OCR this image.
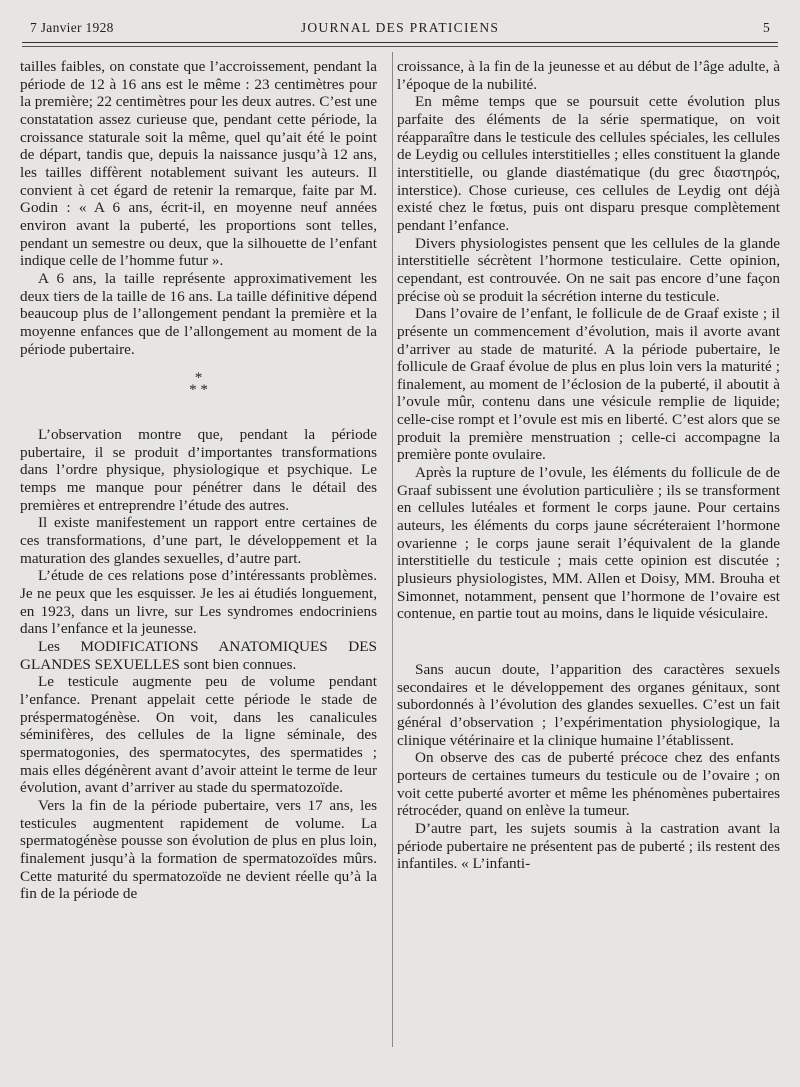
7 Janvier 1928	JOURNAL DES PRATICIENS	5

tailles faibles, on constate que l’accroissement, pendant la période de 12 à 16 ans est le même : 23 centimètres pour la première; 22 centimètres pour les deux autres. C’est une constatation assez curieuse que, pendant cette période, la croissance staturale soit la même, quel qu’ait été le point de départ, tandis que, depuis la naissance jusqu’à 12 ans, les tailles diffèrent notablement suivant les auteurs. Il convient à cet égard de retenir la remarque, faite par M. Godin : « A 6 ans, écrit-il, en moyenne neuf années environ avant la puberté, les proportions sont telles, pendant un semestre ou deux, que la silhouette de l’enfant indique celle de l’homme futur ».

A 6 ans, la taille représente approximativement les deux tiers de la taille de 16 ans. La taille définitive dépend beaucoup plus de l’allongement pendant la première et la moyenne enfances que de l’allongement au moment de la période pubertaire.

*
* *

L’observation montre que, pendant la période pubertaire, il se produit d’importantes transformations dans l’ordre physique, physiologique et psychique. Le temps me manque pour pénétrer dans le détail des premières et entreprendre l’étude des autres.

Il existe manifestement un rapport entre certaines de ces transformations, d’une part, le développement et la maturation des glandes sexuelles, d’autre part.

L’étude de ces relations pose d’intéressants problèmes. Je ne peux que les esquisser. Je les ai étudiés longuement, en 1923, dans un livre, sur Les syndromes endocriniens dans l’enfance et la jeunesse.

Les MODIFICATIONS ANATOMIQUES DES GLANDES SEXUELLES sont bien connues.

Le testicule augmente peu de volume pendant l’enfance. Prenant appelait cette période le stade de préspermatogénèse. On voit, dans les canalicules séminifères, des cellules de la ligne séminale, des spermatogonies, des spermatocytes, des spermatides ; mais elles dégénèrent avant d’avoir atteint le terme de leur évolution, avant d’arriver au stade du spermatozoïde.

Vers la fin de la période pubertaire, vers 17 ans, les testicules augmentent rapidement de volume. La spermatogénèse pousse son évolution de plus en plus loin, finalement jusqu’à la formation de spermatozoïdes mûrs. Cette maturité du spermatozoïde ne devient réelle qu’à la fin de la période de

croissance, à la fin de la jeunesse et au début de l’âge adulte, à l’époque de la nubilité.

En même temps que se poursuit cette évolution plus parfaite des éléments de la série spermatique, on voit réapparaître dans le testicule des cellules spéciales, les cellules de Leydig ou cellules interstitielles ; elles constituent la glande interstitielle, ou glande diastématique (du grec διαστηρός, interstice). Chose curieuse, ces cellules de Leydig ont déjà existé chez le fœtus, puis ont disparu presque complètement pendant l’enfance.

Divers physiologistes pensent que les cellules de la glande interstitielle sécrètent l’hormone testiculaire. Cette opinion, cependant, est controuvée. On ne sait pas encore d’une façon précise où se produit la sécrétion interne du testicule.

Dans l’ovaire de l’enfant, le follicule de de Graaf existe ; il présente un commencement d’évolution, mais il avorte avant d’arriver au stade de maturité. A la période pubertaire, le follicule de Graaf évolue de plus en plus loin vers la maturité ; finalement, au moment de l’éclosion de la puberté, il aboutit à l’ovule mûr, contenu dans une vésicule remplie de liquide; celle-cise rompt et l’ovule est mis en liberté. C’est alors que se produit la première menstruation ; celle-ci accompagne la première ponte ovulaire.

Après la rupture de l’ovule, les éléments du follicule de de Graaf subissent une évolution particulière ; ils se transforment en cellules lutéales et forment le corps jaune. Pour certains auteurs, les éléments du corps jaune sécréteraient l’hormone ovarienne ; le corps jaune serait l’équivalent de la glande interstitielle du testicule ; mais cette opinion est discutée ; plusieurs physiologistes, MM. Allen et Doisy, MM. Brouha et Simonnet, notamment, pensent que l’hormone de l’ovaire est contenue, en partie tout au moins, dans le liquide vésiculaire.

Sans aucun doute, l’apparition des caractères sexuels secondaires et le développement des organes génitaux, sont subordonnés à l’évolution des glandes sexuelles. C’est un fait général d’observation ; l’expérimentation physiologique, la clinique vétérinaire et la clinique humaine l’établissent.

On observe des cas de puberté précoce chez des enfants porteurs de certaines tumeurs du testicule ou de l’ovaire ; on voit cette puberté avorter et même les phénomènes pubertaires rétrocéder, quand on enlève la tumeur.

D’autre part, les sujets soumis à la castration avant la période pubertaire ne présentent pas de puberté ; ils restent des infantiles. « L’infanti-
